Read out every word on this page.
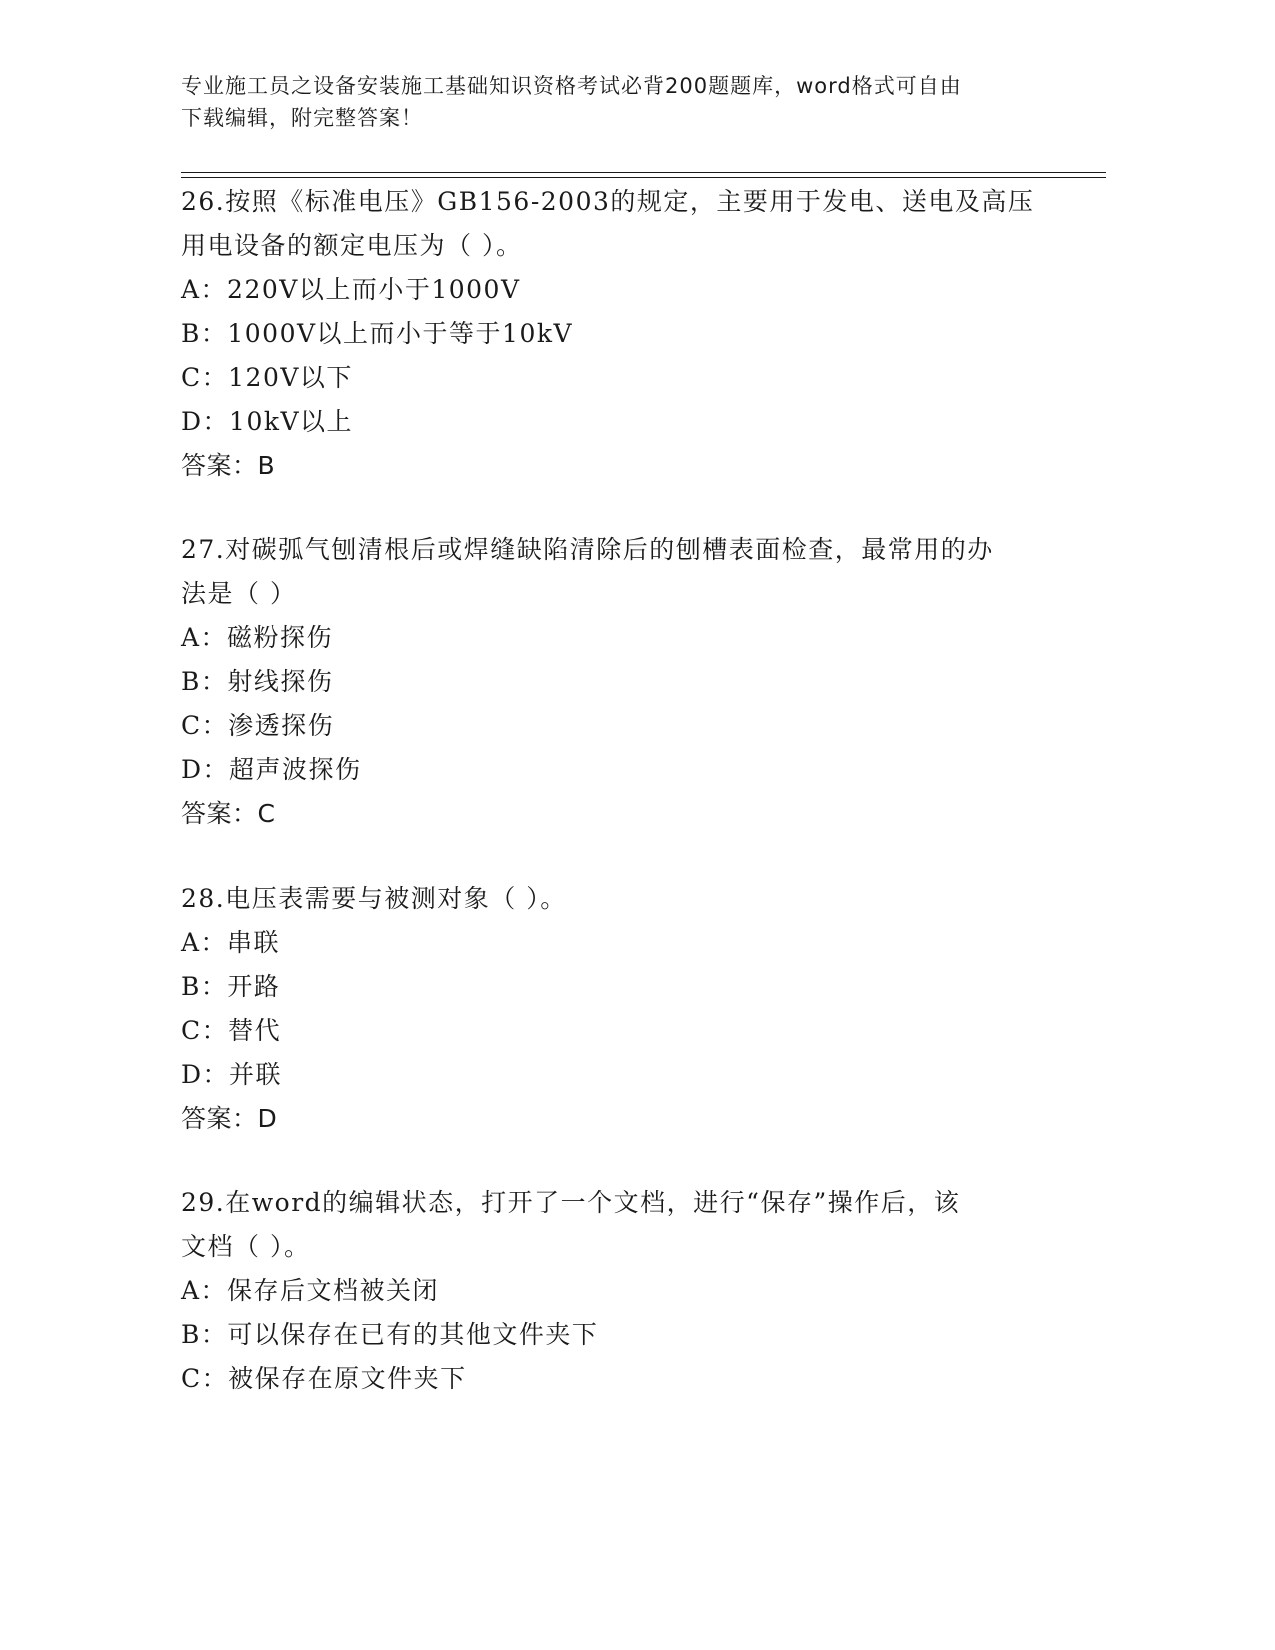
专业施工员之设备安装施工基础知识资格考试必背200题题库，word格式可自由
下载编辑，附完整答案！
26.按照《标准电压》GB156-2003的规定，主要用于发电、送电及高压
用电设备的额定电压为（ ）。
A：220V以上而小于1000V
B：1000V以上而小于等于10kV
C：120V以下
D：10kV以上
答案：B
27.对碳弧气刨清根后或焊缝缺陷清除后的刨槽表面检查，最常用的办
法是（ ）
A：磁粉探伤
B：射线探伤
C：渗透探伤
D：超声波探伤
答案：C
28.电压表需要与被测对象（ ）。
A：串联
B：开路
C：替代
D：并联
答案：D
29.在word的编辑状态，打开了一个文档，进行“保存”操作后，该
文档（ ）。
A：保存后文档被关闭
B：可以保存在已有的其他文件夹下
C：被保存在原文件夹下
